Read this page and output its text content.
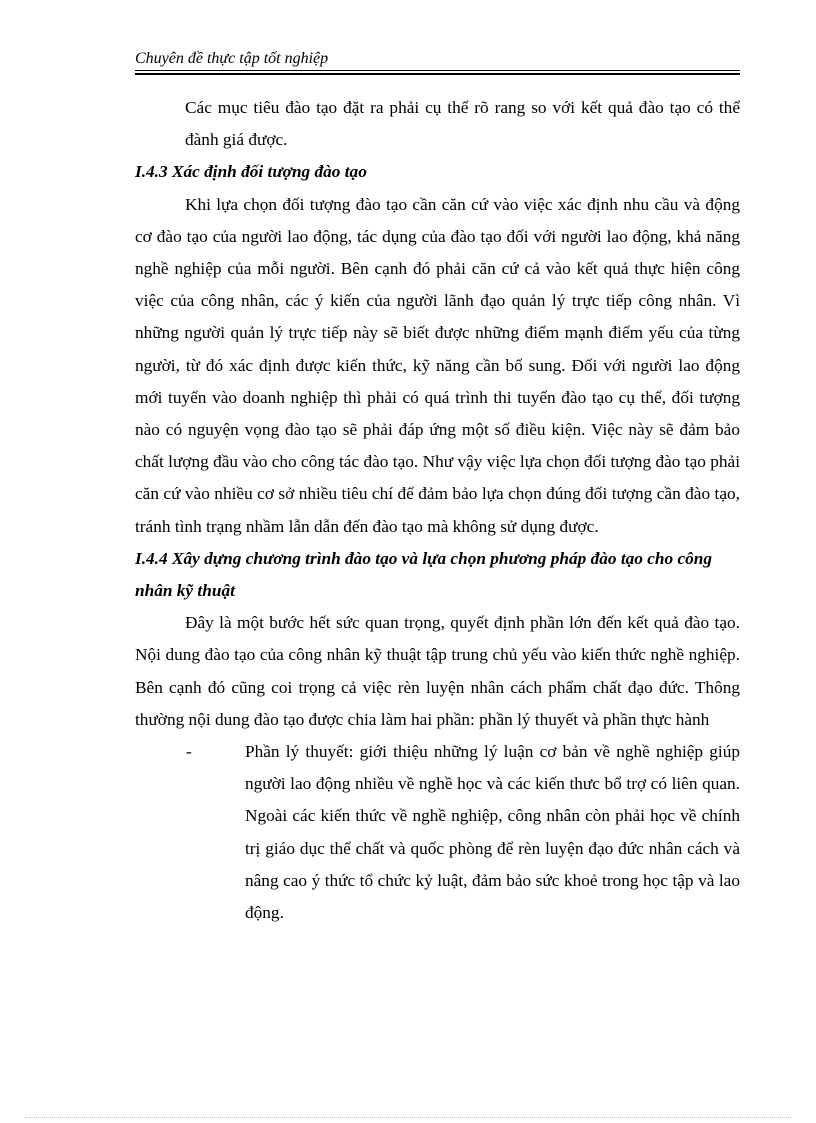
Chuyên đề thực tập tốt nghiệp

Các mục tiêu đào tạo đặt ra phải cụ thể rõ rang so với kết quả đào tạo có thể đành giá được.

I.4.3 Xác định đối tượng đào tạo

Khi lựa chọn đối tượng đào tạo cần căn cứ vào việc xác định nhu cầu và động cơ đào tạo của người lao động, tác dụng của đào tạo đối với người lao động, khả năng nghề nghiệp của mỗi người. Bên cạnh đó phải căn cứ cả vào kết quả thực hiện công việc của công nhân, các ý kiến của người lãnh đạo quản lý trực tiếp công nhân. Vì những người quản lý trực tiếp này sẽ biết được những điểm mạnh điểm yếu của từng người, từ đó xác định được kiến thức, kỹ năng cần bổ sung. Đối với người lao động mới tuyển vào doanh nghiệp thì phải có quá trình thi tuyển đào tạo cụ thể, đối tượng nào có nguyện vọng đào tạo sẽ phải đáp ứng một số điều kiện. Việc này sẽ đảm bảo chất lượng đầu vào cho công tác đào tạo. Như vậy việc lựa chọn đối tượng đào tạo phải căn cứ vào nhiều cơ sở nhiều tiêu chí để đảm bảo lựa chọn đúng đối tượng cần đào tạo, tránh tình trạng nhầm lẫn dẫn đến đào tạo mà không sử dụng được.

I.4.4 Xây dựng chương trình đào tạo và lựa chọn phương pháp đào tạo cho công nhân kỹ thuật

Đây là một bước hết sức quan trọng, quyết định phần lớn đến kết quả đào tạo. Nội dung đào tạo của công nhân kỹ thuật tập trung chủ yếu vào kiến thức nghề nghiệp. Bên cạnh đó cũng coi trọng cả việc rèn luyện nhân cách phẩm chất đạo đức. Thông thường nội dung đào tạo được chia làm hai phần: phần lý thuyết và phần thực hành

-	Phần lý thuyết: giới thiệu những lý luận cơ bản về nghề nghiệp giúp người lao động nhiều về nghề học và các kiến thưc bổ trợ có liên quan. Ngoài các kiến thức về nghề nghiệp, công nhân còn phải học về chính trị giáo dục thể chất và quốc phòng để rèn luyện đạo đức nhân cách và nâng cao ý thức tổ chức kỷ luật, đảm bảo sức khoẻ trong học tập và lao động.
